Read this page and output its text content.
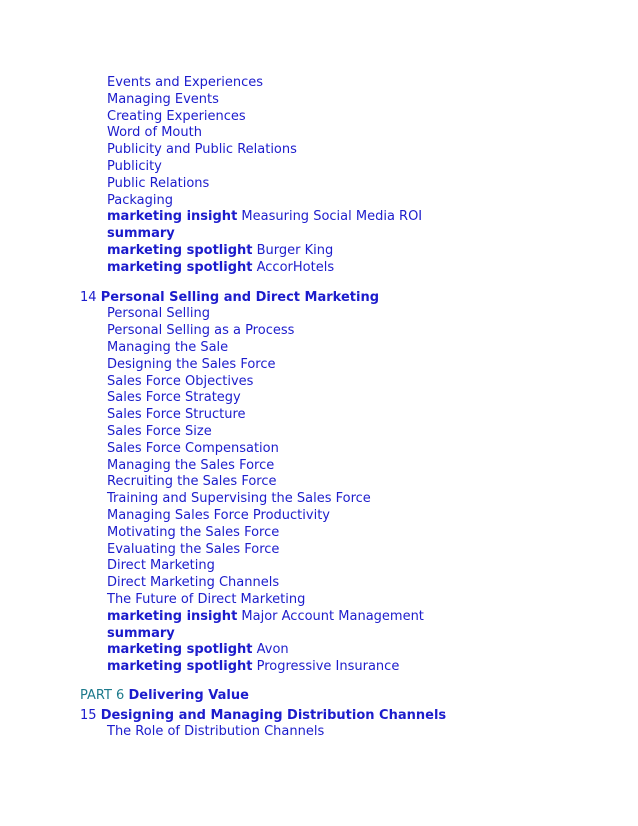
Events and Experiences
Managing Events
Creating Experiences
Word of Mouth
Publicity and Public Relations
Publicity
Public Relations
Packaging
marketing insight Measuring Social Media ROI
summary
marketing spotlight Burger King
marketing spotlight AccorHotels
14 Personal Selling and Direct Marketing
Personal Selling
Personal Selling as a Process
Managing the Sale
Designing the Sales Force
Sales Force Objectives
Sales Force Strategy
Sales Force Structure
Sales Force Size
Sales Force Compensation
Managing the Sales Force
Recruiting the Sales Force
Training and Supervising the Sales Force
Managing Sales Force Productivity
Motivating the Sales Force
Evaluating the Sales Force
Direct Marketing
Direct Marketing Channels
The Future of Direct Marketing
marketing insight Major Account Management
summary
marketing spotlight Avon
marketing spotlight Progressive Insurance
PART 6 Delivering Value
15 Designing and Managing Distribution Channels
The Role of Distribution Channels
